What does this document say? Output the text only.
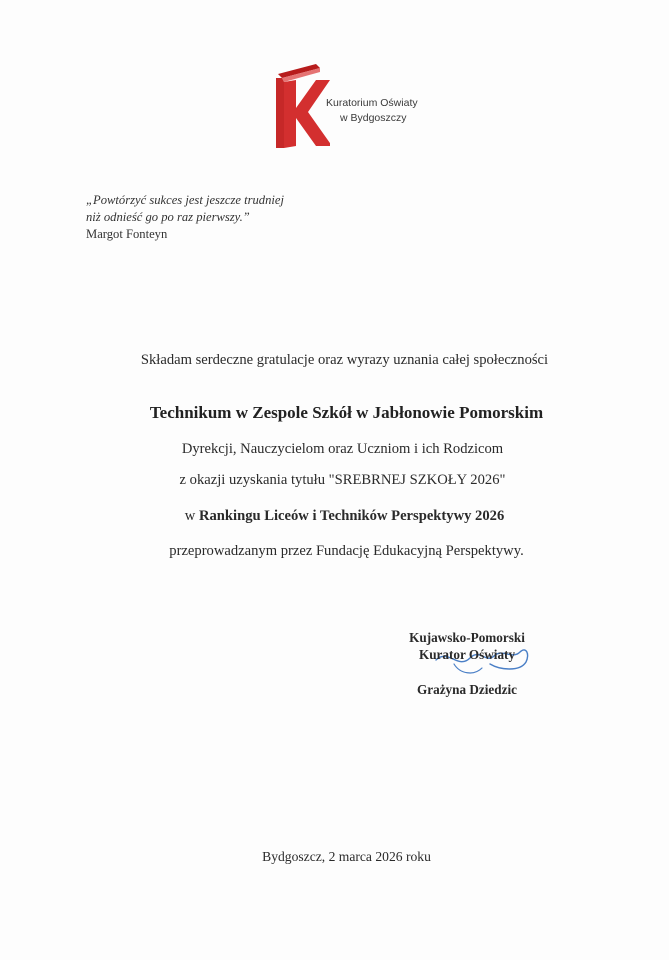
Kuratorium Oświaty
w Bydgoszczy
„Powtórzyć sukces jest jeszcze trudniej
niż odnieść go po raz pierwszy.”
Margot Fonteyn
Składam serdeczne gratulacje oraz wyrazy uznania całej społeczności
Technikum w Zespole Szkół w Jabłonowie Pomorskim
Dyrekcji, Nauczycielom oraz Uczniom i ich Rodzicom
z okazji uzyskania tytułu "SREBRNEJ SZKOŁY 2026"
w Rankingu Liceów i Techników Perspektywy 2026
przeprowadzanym przez Fundację Edukacyjną Perspektywy.
Kujawsko-Pomorski
Kurator Oświaty
Grażyna Dziedzic
Bydgoszcz, 2 marca 2026 roku
